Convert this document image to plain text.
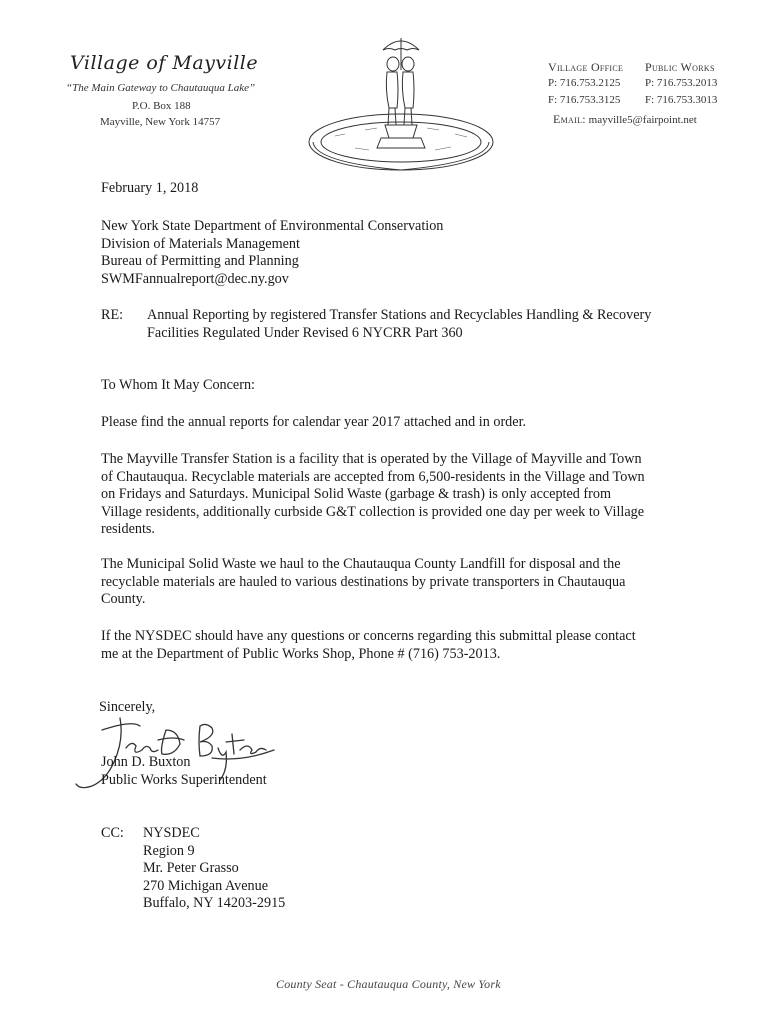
Village of Mayville
“The Main Gateway to Chautauqua Lake”
P.O. Box 188
Mayville, New York 14757
Village Office
P: 716.753.2125
F: 716.753.3125
Public Works
P: 716.753.2013
F: 716.753.3013
Email: mayville5@fairpoint.net
February 1, 2018
New York State Department of Environmental Conservation
Division of Materials Management
Bureau of Permitting and Planning
SWMFannualreport@dec.ny.gov
RE: Annual Reporting by registered Transfer Stations and Recyclables Handling & Recovery
Facilities Regulated Under Revised 6 NYCRR Part 360
To Whom It May Concern:
Please find the annual reports for calendar year 2017 attached and in order.
The Mayville Transfer Station is a facility that is operated by the Village of Mayville and Town
of Chautauqua. Recyclable materials are accepted from 6,500-residents in the Village and Town
on Fridays and Saturdays. Municipal Solid Waste (garbage & trash) is only accepted from
Village residents, additionally curbside G&T collection is provided one day per week to Village
residents.
The Municipal Solid Waste we haul to the Chautauqua County Landfill for disposal and the
recyclable materials are hauled to various destinations by private transporters in Chautauqua
County.
If the NYSDEC should have any questions or concerns regarding this submittal please contact
me at the Department of Public Works Shop, Phone # (716) 753-2013.
Sincerely,
John D. Buxton
Public Works Superintendent
CC: NYSDEC
Region 9
Mr. Peter Grasso
270 Michigan Avenue
Buffalo, NY 14203-2915
County Seat - Chautauqua County, New York
